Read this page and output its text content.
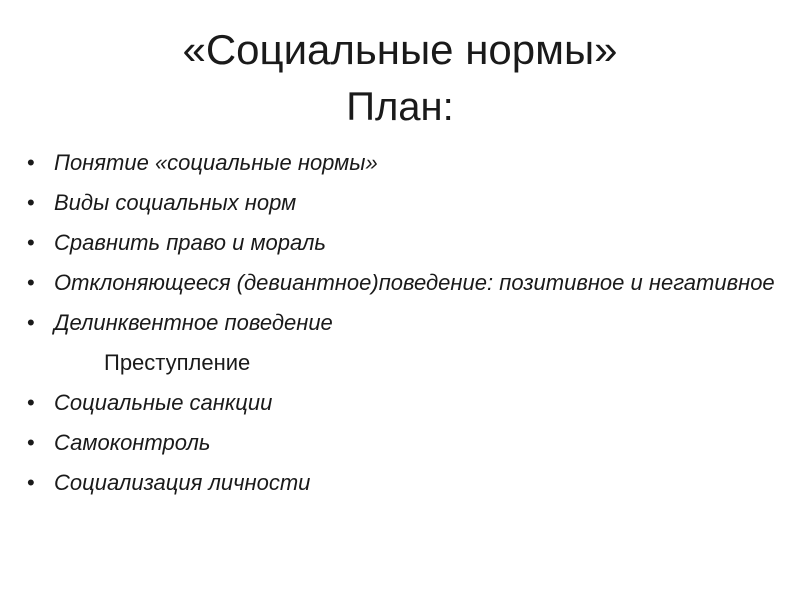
«Социальные нормы»
План:
• Понятие «социальные нормы»
• Виды социальных норм
• Сравнить право и мораль
• Отклоняющееся (девиантное)поведение: позитивное и негативное
• Делинквентное поведение
Преступление
• Социальные санкции
• Самоконтроль
• Социализация личности
